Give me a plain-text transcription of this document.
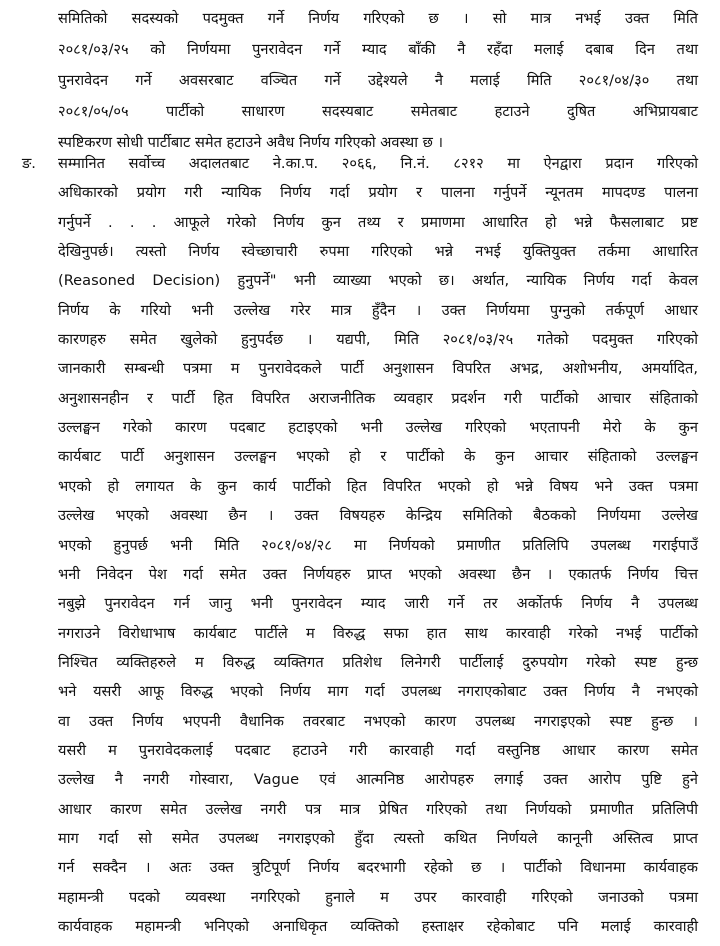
समितिको सदस्यको पदमुक्त गर्ने निर्णय गरिएको छ । सो मात्र नभई उक्त मिति
२०८१/०३/२५ को निर्णयमा पुनरावेदन गर्ने म्याद बाँकी नै रहँदा मलाई दबाब दिन तथा
पुनरावेदन गर्ने अवसरबाट वञ्चित गर्ने उद्देश्यले नै मलाई मिति २०८१/०४/३० तथा
२०८१/०५/०५ पार्टीको साधारण सदस्यबाट समेतबाट हटाउने दुषित अभिप्रायबाट
स्पष्टिकरण सोधी पार्टीबाट समेत हटाउने अवैध निर्णय गरिएको अवस्था छ ।
ङ.	सम्मानित सर्वोच्च अदालतबाट ने.का.प. २०६६, नि.नं. ८२१२ मा ऐनद्वारा प्रदान गरिएको
अधिकारको प्रयोग गरी न्यायिक निर्णय गर्दा प्रयोग र पालना गर्नुपर्ने न्यूनतम मापदण्ड पालना
गर्नुपर्ने . . . आफूले गरेको निर्णय कुन तथ्य र प्रमाणमा आधारित हो भन्ने फैसलाबाट प्रष्ट
देखिनुपर्छ। त्यस्तो निर्णय स्वेच्छाचारी रुपमा गरिएको भन्ने नभई युक्तियुक्त तर्कमा आधारित
(Reasoned Decision) हुनुपर्ने" भनी व्याख्या भएको छ। अर्थात, न्यायिक निर्णय गर्दा केवल
निर्णय के गरियो भनी उल्लेख गरेर मात्र हुँदैन । उक्त निर्णयमा पुग्नुको तर्कपूर्ण आधार
कारणहरु समेत खुलेको हुनुपर्दछ । यद्यपी, मिति २०८१/०३/२५ गतेको पदमुक्त गरिएको
जानकारी सम्बन्धी पत्रमा म पुनरावेदकले पार्टी अनुशासन विपरित अभद्र, अशोभनीय, अमर्यादित,
अनुशासनहीन र पार्टी हित विपरित अराजनीतिक व्यवहार प्रदर्शन गरी पार्टीको आचार संहिताको
उल्लङ्घन गरेको कारण पदबाट हटाइएको भनी उल्लेख गरिएको भएतापनी मेरो के कुन
कार्यबाट पार्टी अनुशासन उल्लङ्घन भएको हो र पार्टीको के कुन आचार संहिताको उल्लङ्घन
भएको हो लगायत के कुन कार्य पार्टीको हित विपरित भएको हो भन्ने विषय भने उक्त पत्रमा
उल्लेख भएको अवस्था छैन । उक्त विषयहरु केन्द्रिय समितिको बैठकको निर्णयमा उल्लेख
भएको हुनुपर्छ भनी मिति २०८१/०४/२८ मा निर्णयको प्रमाणीत प्रतिलिपि उपलब्ध गराईपाउँ
भनी निवेदन पेश गर्दा समेत उक्त निर्णयहरु प्राप्त भएको अवस्था छैन । एकातर्फ निर्णय चित्त
नबुझे पुनरावेदन गर्न जानु भनी पुनरावेदन म्याद जारी गर्ने तर अर्कोतर्फ निर्णय नै उपलब्ध
नगराउने विरोधाभाष कार्यबाट पार्टीले म विरुद्ध सफा हात साथ कारवाही गरेको नभई पार्टीको
निश्चित व्यक्तिहरुले म विरुद्ध व्यक्तिगत प्रतिशेध लिनेगरी पार्टीलाई दुरुपयोग गरेको स्पष्ट हुन्छ
भने यसरी आफू विरुद्ध भएको निर्णय माग गर्दा उपलब्ध नगराएकोबाट उक्त निर्णय नै नभएको
वा उक्त निर्णय भएपनी वैधानिक तवरबाट नभएको कारण उपलब्ध नगराइएको स्पष्ट हुन्छ ।
यसरी म पुनरावेदकलाई पदबाट हटाउने गरी कारवाही गर्दा वस्तुनिष्ठ आधार कारण समेत
उल्लेख नै नगरी गोस्वारा, Vague एवं आत्मनिष्ठ आरोपहरु लगाई उक्त आरोप पुष्टि हुने
आधार कारण समेत उल्लेख नगरी पत्र मात्र प्रेषित गरिएको तथा निर्णयको प्रमाणीत प्रतिलिपी
माग गर्दा सो समेत उपलब्ध नगराइएको हुँदा त्यस्तो कथित निर्णयले कानूनी अस्तित्व प्राप्त
गर्न सक्दैन । अतः उक्त त्रुटिपूर्ण निर्णय बदरभागी रहेको छ । पार्टीको विधानमा कार्यवाहक
महामन्त्री पदको व्यवस्था नगरिएको हुनाले म उपर कारवाही गरिएको जनाउको पत्रमा
कार्यवाहक महामन्त्री भनिएको अनाधिकृत व्यक्तिको हस्ताक्षर रहेकोबाट पनि मलाई कारवाही
